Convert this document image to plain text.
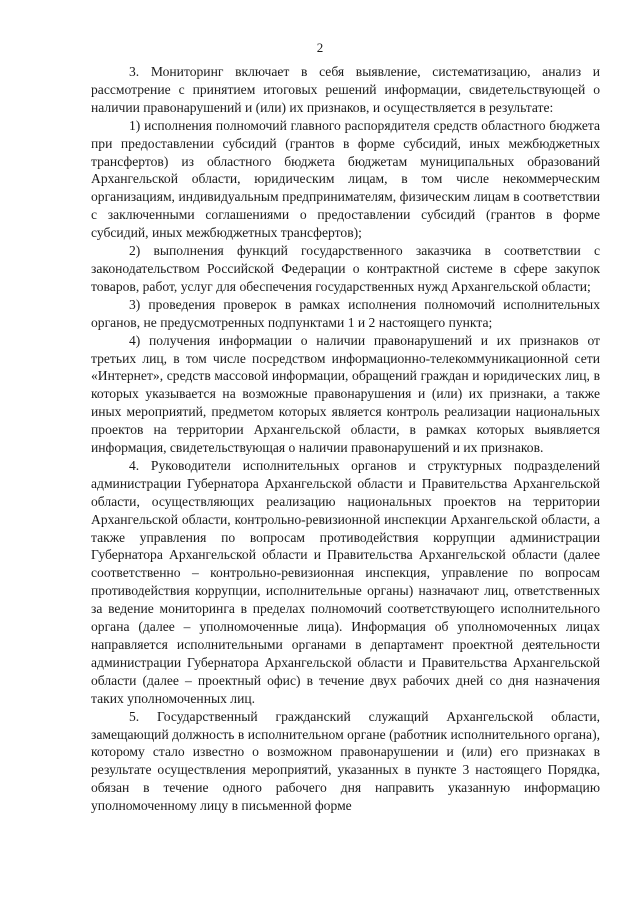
2

3. Мониторинг включает в себя выявление, систематизацию, анализ и рассмотрение с принятием итоговых решений информации, свидетельствующей о наличии правонарушений и (или) их признаков, и осуществляется в результате:

1) исполнения полномочий главного распорядителя средств областного бюджета при предоставлении субсидий (грантов в форме субсидий, иных межбюджетных трансфертов) из областного бюджета бюджетам муниципальных образований Архангельской области, юридическим лицам, в том числе некоммерческим организациям, индивидуальным предпринимателям, физическим лицам в соответствии с заключенными соглашениями о предоставлении субсидий (грантов в форме субсидий, иных межбюджетных трансфертов);

2) выполнения функций государственного заказчика в соответствии с законодательством Российской Федерации о контрактной системе в сфере закупок товаров, работ, услуг для обеспечения государственных нужд Архангельской области;

3) проведения проверок в рамках исполнения полномочий исполнительных органов, не предусмотренных подпунктами 1 и 2 настоящего пункта;

4) получения информации о наличии правонарушений и их признаков от третьих лиц, в том числе посредством информационно-телекоммуникационной сети «Интернет», средств массовой информации, обращений граждан и юридических лиц, в которых указывается на возможные правонарушения и (или) их признаки, а также иных мероприятий, предметом которых является контроль реализации национальных проектов на территории Архангельской области, в рамках которых выявляется информация, свидетельствующая о наличии правонарушений и их признаков.

4. Руководители исполнительных органов и структурных подразделений администрации Губернатора Архангельской области и Правительства Архангельской области, осуществляющих реализацию национальных проектов на территории Архангельской области, контрольно-ревизионной инспекции Архангельской области, а также управления по вопросам противодействия коррупции администрации Губернатора Архангельской области и Правительства Архангельской области (далее соответственно – контрольно-ревизионная инспекция, управление по вопросам противодействия коррупции, исполнительные органы) назначают лиц, ответственных за ведение мониторинга в пределах полномочий соответствующего исполнительного органа (далее – уполномоченные лица). Информация об уполномоченных лицах направляется исполнительными органами в департамент проектной деятельности администрации Губернатора Архангельской области и Правительства Архангельской области (далее – проектный офис) в течение двух рабочих дней со дня назначения таких уполномоченных лиц.

5. Государственный гражданский служащий Архангельской области, замещающий должность в исполнительном органе (работник исполнительного органа), которому стало известно о возможном правонарушении и (или) его признаках в результате осуществления мероприятий, указанных в пункте 3 настоящего Порядка, обязан в течение одного рабочего дня направить указанную информацию уполномоченному лицу в письменной форме
